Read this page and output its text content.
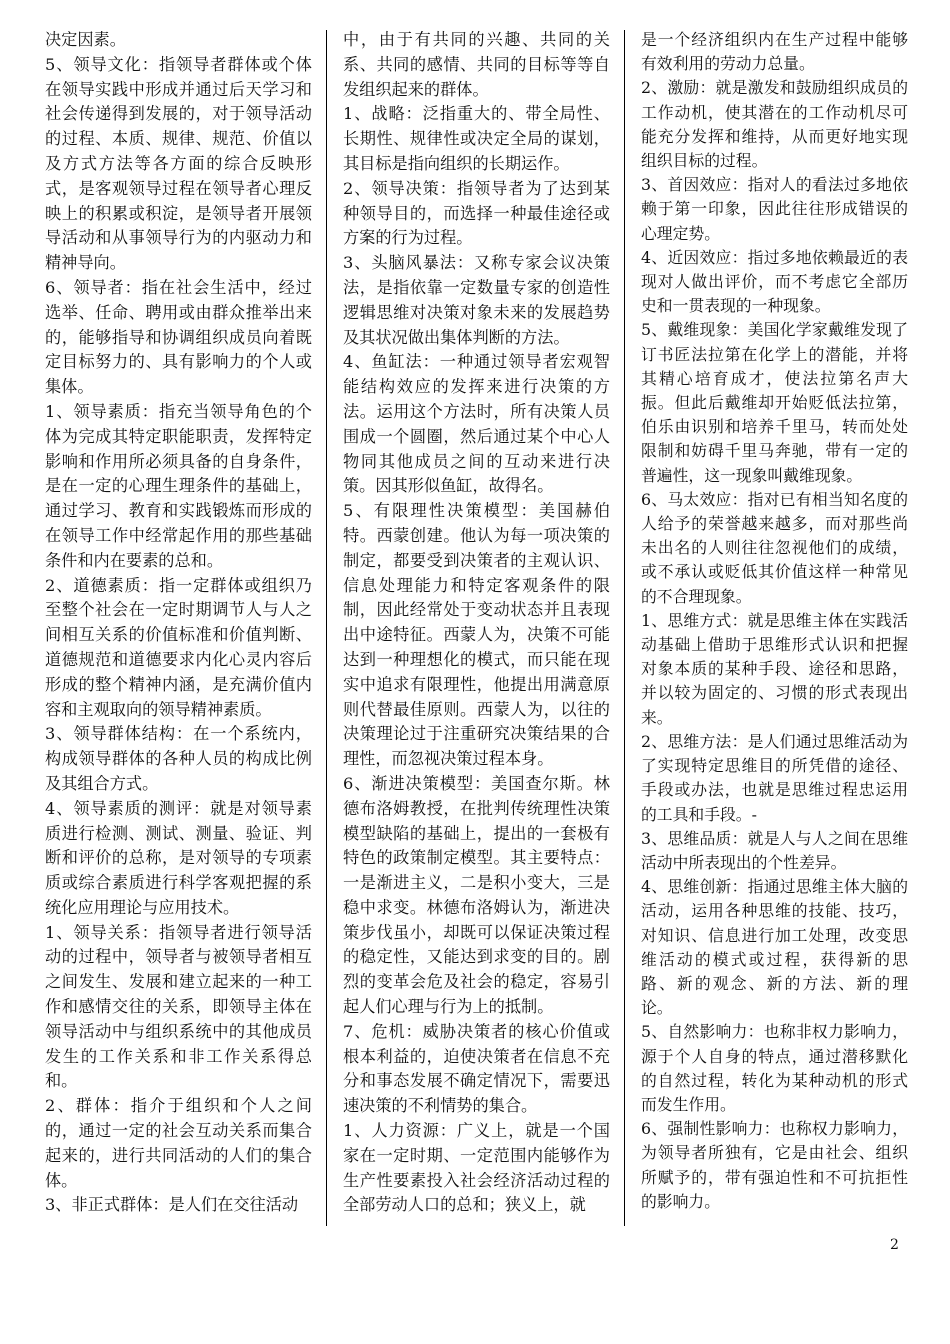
决定因素。

5、领导文化：指领导者群体或个体在领导实践中形成并通过后天学习和社会传递得到发展的，对于领导活动的过程、本质、规律、规范、价值以及方式方法等各方面的综合反映形式，是客观领导过程在领导者心理反映上的积累或积淀，是领导者开展领导活动和从事领导行为的内驱动力和精神导向。

6、领导者：指在社会生活中，经过选举、任命、聘用或由群众推举出来的，能够指导和协调组织成员向着既定目标努力的、具有影响力的个人或集体。

1、领导素质：指充当领导角色的个体为完成其特定职能职责，发挥特定影响和作用所必须具备的自身条件，是在一定的心理生理条件的基础上，通过学习、教育和实践锻炼而形成的在领导工作中经常起作用的那些基础条件和内在要素的总和。

2、道德素质：指一定群体或组织乃至整个社会在一定时期调节人与人之间相互关系的价值标准和价值判断、道德规范和道德要求内化心灵内容后形成的整个精神内涵，是充满价值内容和主观取向的领导精神素质。

3、领导群体结构：在一个系统内，构成领导群体的各种人员的构成比例及其组合方式。

4、领导素质的测评：就是对领导素质进行检测、测试、测量、验证、判断和评价的总称，是对领导的专项素质或综合素质进行科学客观把握的系统化应用理论与应用技术。

1、领导关系：指领导者进行领导活动的过程中，领导者与被领导者相互之间发生、发展和建立起来的一种工作和感情交往的关系，即领导主体在领导活动中与组织系统中的其他成员发生的工作关系和非工作关系得总和。

2、群体：指介于组织和个人之间的，通过一定的社会互动关系而集合起来的，进行共同活动的人们的集合体。

3、非正式群体：是人们在交往活动

中，由于有共同的兴趣、共同的关系、共同的感情、共同的目标等等自发组织起来的群体。

1、战略：泛指重大的、带全局性、长期性、规律性或决定全局的谋划，其目标是指向组织的长期运作。

2、领导决策：指领导者为了达到某种领导目的，而选择一种最佳途径或方案的行为过程。

3、头脑风暴法：又称专家会议决策法，是指依靠一定数量专家的创造性逻辑思维对决策对象未来的发展趋势及其状况做出集体判断的方法。

4、鱼缸法：一种通过领导者宏观智能结构效应的发挥来进行决策的方法。运用这个方法时，所有决策人员围成一个圆圈，然后通过某个中心人物同其他成员之间的互动来进行决策。因其形似鱼缸，故得名。

5、有限理性决策模型：美国赫伯特。西蒙创建。他认为每一项决策的制定，都要受到决策者的主观认识、信息处理能力和特定客观条件的限制，因此经常处于变动状态并且表现出中途特征。西蒙人为，决策不可能达到一种理想化的模式，而只能在现实中追求有限理性，他提出用满意原则代替最佳原则。西蒙人为，以往的决策理论过于注重研究决策结果的合理性，而忽视决策过程本身。

6、渐进决策模型：美国查尔斯。林德布洛姆教授，在批判传统理性决策模型缺陷的基础上，提出的一套极有特色的政策制定模型。其主要特点：一是渐进主义，二是积小变大，三是稳中求变。林德布洛姆认为，渐进决策步伐虽小，却既可以保证决策过程的稳定性，又能达到求变的目的。剧烈的变革会危及社会的稳定，容易引起人们心理与行为上的抵制。

7、危机：威胁决策者的核心价值或根本利益的，迫使决策者在信息不充分和事态发展不确定情况下，需要迅速决策的不利情势的集合。

1、人力资源：广义上，就是一个国家在一定时期、一定范围内能够作为生产性要素投入社会经济活动过程的全部劳动人口的总和；狭义上，就

是一个经济组织内在生产过程中能够有效利用的劳动力总量。

2、激励：就是激发和鼓励组织成员的工作动机，使其潜在的工作动机尽可能充分发挥和维持，从而更好地实现组织目标的过程。

3、首因效应：指对人的看法过多地依赖于第一印象，因此往往形成错误的心理定势。

4、近因效应：指过多地依赖最近的表现对人做出评价，而不考虑它全部历史和一贯表现的一种现象。

5、戴维现象：美国化学家戴维发现了订书匠法拉第在化学上的潜能，并将其精心培育成才，使法拉第名声大振。但此后戴维却开始贬低法拉第，伯乐由识别和培养千里马，转而处处限制和妨碍千里马奔驰，带有一定的普遍性，这一现象叫戴维现象。

6、马太效应：指对已有相当知名度的人给予的荣誉越来越多，而对那些尚未出名的人则往往忽视他们的成绩，或不承认或贬低其价值这样一种常见的不合理现象。

1、思维方式：就是思维主体在实践活动基础上借助于思维形式认识和把握对象本质的某种手段、途径和思路，并以较为固定的、习惯的形式表现出来。

2、思维方法：是人们通过思维活动为了实现特定思维目的所凭借的途径、手段或办法，也就是思维过程忠运用的工具和手段。-

3、思维品质：就是人与人之间在思维活动中所表现出的个性差异。

4、思维创新：指通过思维主体大脑的活动，运用各种思维的技能、技巧，对知识、信息进行加工处理，改变思维活动的模式或过程，获得新的思路、新的观念、新的方法、新的理论。

5、自然影响力：也称非权力影响力，源于个人自身的特点，通过潜移默化的自然过程，转化为某种动机的形式而发生作用。

6、强制性影响力：也称权力影响力，为领导者所独有，它是由社会、组织所赋予的，带有强迫性和不可抗拒性的影响力。

2
